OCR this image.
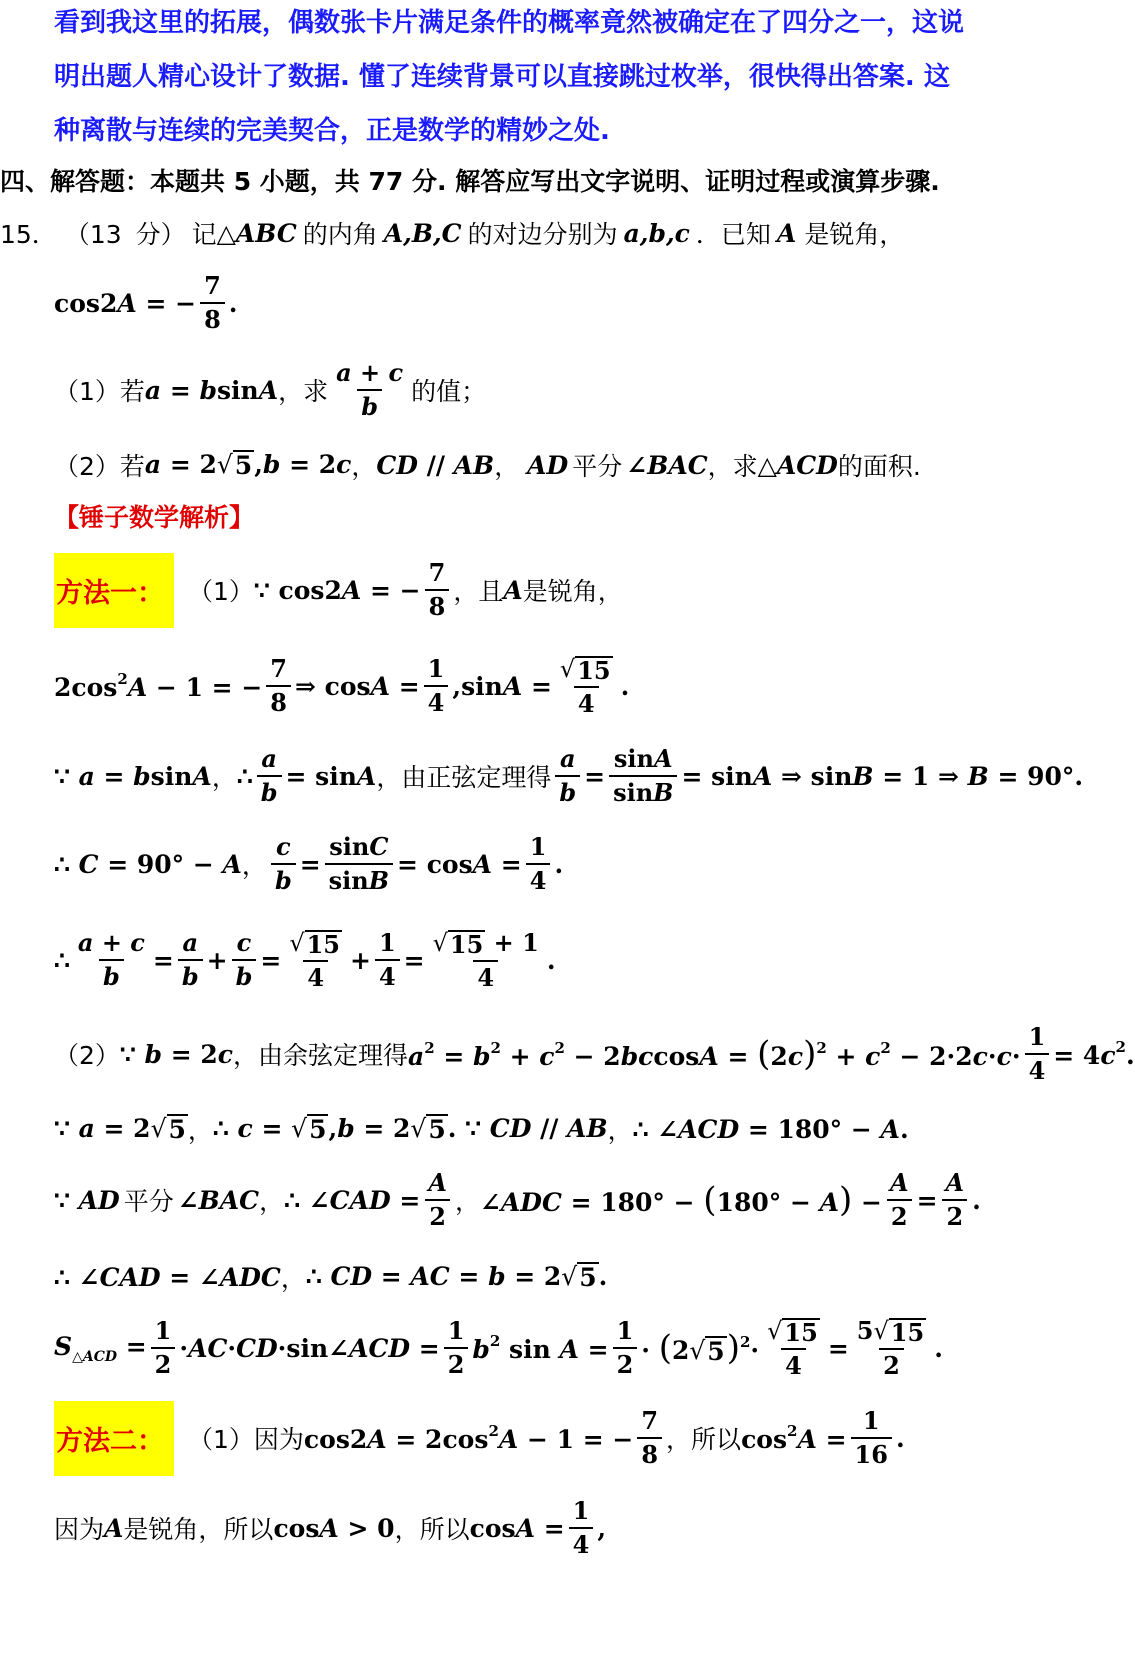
看到我这里的拓展，偶数张卡片满足条件的概率竟然被确定在了四分之一，这说
明出题人精心设计了数据. 懂了连续背景可以直接跳过枚举，很快得出答案. 这
种离散与连续的完美契合，正是数学的精妙之处.
四、解答题：本题共 5 小题，共 77 分. 解答应写出文字说明、证明过程或演算步骤.
15． （13 分） 记 △ABC 的内角 A,B,C 的对边分别为 a,b,c ．已知 A 是锐角，
cos2A = − $\frac{7}{8}$ .
（1）若 a = bsinA ，求 $\frac{a + c}{b}$ 的值；
（2）若 a = 2 √ 5 ,b = 2c ， CD // AB ， AD 平分 ∠BAC ，求 △ACD 的面积.
【锤子数学解析】
方法一： （1） ∵ cos2A = − $\frac{7}{8}$ ，且 A 是锐角，
$2\cos^2A - 1$ = − $\frac{7}{8}$ ⇒ $\cos A = \frac{1}{4} ,\sin A = \frac{√ 15}{4}$ .
∵ a = bsinA ， ∴ $\frac{a}{b} = \sin A$ ，由正弦定理得 $\frac{a}{b} = \frac{\sin A}{\sin B} = \sin A$ ⇒ sinB = 1 ⇒ B = 90°.
∴ C = 90° − A ， $\frac{c}{b} = \frac{\sin C}{\sin B} = \cos A = \frac{1}{4}$ .
∴ $\frac{a + c}{b} = \frac{a}{b} + \frac{c}{b} = \frac{√ 15}{4} + \frac{1}{4} = \frac{√ 15 + 1}{4}$ .
（2） ∵ b = 2c ，由余弦定理得 $a^2 = b^2 + c^2 - 2bccosA = (2c)^2 + c^2 - 2\cdot 2c\cdot c\cdot \frac{1}{4} = 4c^2$.
∵ a = 2 √ 5 ， ∴ c = √ 5 ,b = 2 √ 5 . ∵ CD // AB ， ∴ ∠ACD = 180° − A.
∵ AD 平分 ∠BAC ， ∴ ∠CAD = $\frac{A}{2}$ ， ∠ADC = $180^\circ - (180^\circ - A) - \frac{A}{2} = \frac{A}{2}$ .
∴ ∠CAD = ∠ADC ， ∴ CD = AC = b = 2 √ 5 .
$S_{\triangle ACD} = \frac{1}{2}$ ·AC·CD·sin∠ACD = $\frac{1}{2} b^2$ $\sin A = \frac{1}{2} \cdot (2$ √ 5 )$^2\cdot \frac{√ 15}{4} = \frac{5 √ 15}{2}$ .
方法二： （1） 因为 $\cos 2A = 2\cos^2A - 1$ = − $\frac{7}{8}$ ，所以 $\cos^2A = \frac{1}{16}$ .
因为 A 是锐角，所以 cosA > 0 ，所以 $\cos A = \frac{1}{4}$ ,
